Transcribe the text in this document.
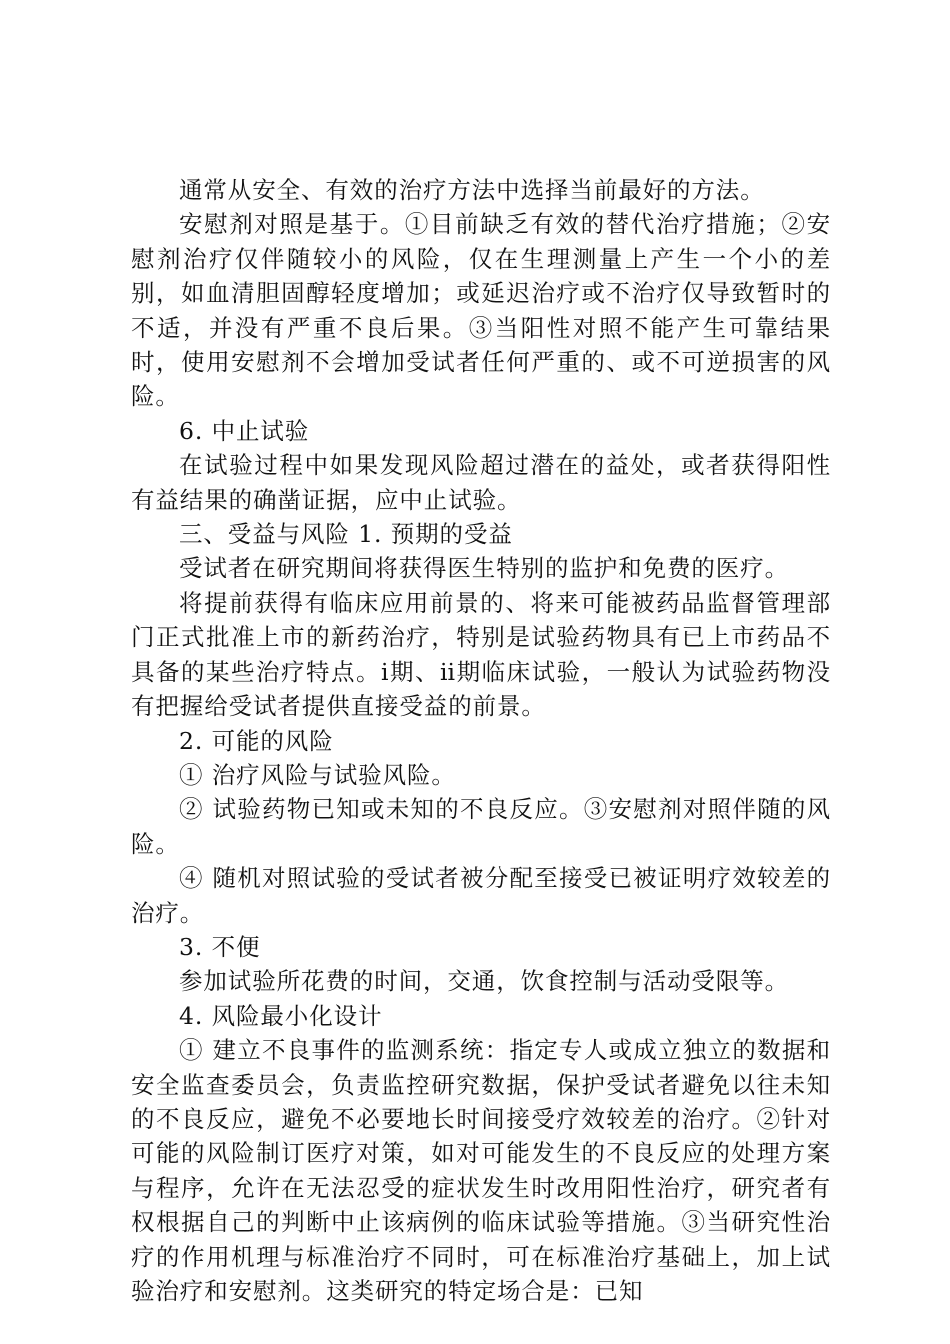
通常从安全、有效的治疗方法中选择当前最好的方法。

安慰剂对照是基于。①目前缺乏有效的替代治疗措施；②安慰剂治疗仅伴随较小的风险，仅在生理测量上产生一个小的差别，如血清胆固醇轻度增加；或延迟治疗或不治疗仅导致暂时的不适，并没有严重不良后果。③当阳性对照不能产生可靠结果时，使用安慰剂不会增加受试者任何严重的、或不可逆损害的风险。

6. 中止试验

在试验过程中如果发现风险超过潜在的益处，或者获得阳性有益结果的确凿证据，应中止试验。

三、受益与风险 1. 预期的受益

受试者在研究期间将获得医生特别的监护和免费的医疗。

将提前获得有临床应用前景的、将来可能被药品监督管理部门正式批准上市的新药治疗，特别是试验药物具有已上市药品不具备的某些治疗特点。ⅰ期、ⅱ期临床试验，一般认为试验药物没有把握给受试者提供直接受益的前景。

2. 可能的风险

① 治疗风险与试验风险。

② 试验药物已知或未知的不良反应。③安慰剂对照伴随的风险。

④ 随机对照试验的受试者被分配至接受已被证明疗效较差的治疗。

3. 不便

参加试验所花费的时间，交通，饮食控制与活动受限等。

4. 风险最小化设计

① 建立不良事件的监测系统：指定专人或成立独立的数据和安全监查委员会，负责监控研究数据，保护受试者避免以往未知的不良反应，避免不必要地长时间接受疗效较差的治疗。②针对可能的风险制订医疗对策，如对可能发生的不良反应的处理方案与程序，允许在无法忍受的症状发生时改用阳性治疗，研究者有权根据自己的判断中止该病例的临床试验等措施。③当研究性治疗的作用机理与标准治疗不同时，可在标准治疗基础上，加上试验治疗和安慰剂。这类研究的特定场合是：已知
